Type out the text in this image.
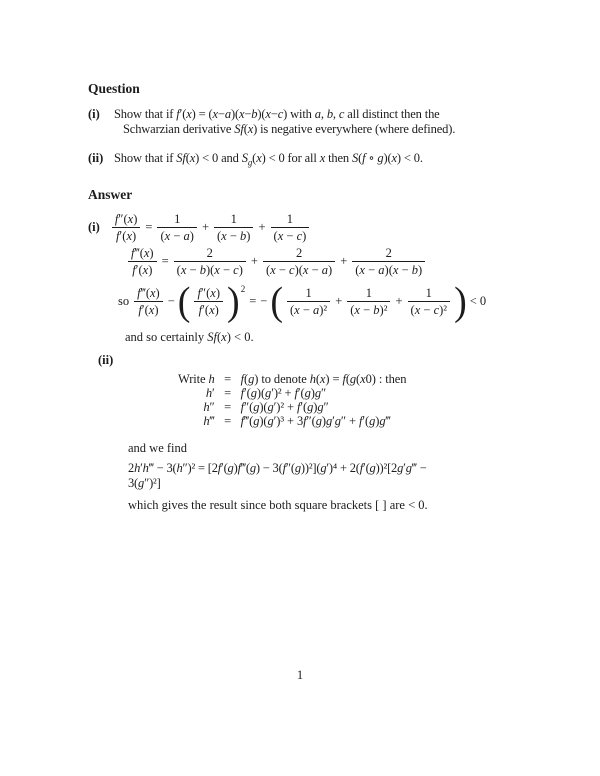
Question
(i)	Show that if f′(x) = (x−a)(x−b)(x−c) with a, b, c all distinct then the
Schwarzian derivative Sf(x) is negative everywhere (where defined).
(ii) Show that if Sf(x) < 0 and $S_g(x) < 0$ for all x then S(f ∘ g)(x) < 0.
Answer
$(i) \frac{f''(x)}{f'(x)} = \frac{1}{(x - a)} + \frac{1}{(x - b)} + \frac{1}{(x - c)}$
$\frac{f‴(x)}{f'(x)} = \frac{2}{(x - b)(x - c)} + \frac{2}{(x - c)(x - a)} + \frac{2}{(x - a)(x - b)}$
so $\frac{f‴(x)}{f'(x)}$ − ( $\frac{f''(x)}{f'(x)}$ ) 2
= − ( $\frac{1}{\text{(x − a)²}} + \frac{1}{\text{(x − b)²}} + \frac{1}{\text{(x − c)²}}$ ) < 0
and so certainly Sf(x) < 0.
(ii)
Write h = f(g) to denote h(x) = f(g(x0) : then
h′ = f′(g)(g′)² + f′(g)g″
h″ = f″(g)(g′)² + f′(g)g″
h‴ = f‴(g)(g′)³ + 3f″(g)g′g″ + f′(g)g‴
and we find
2h′h‴ − 3(h″)² = [2f′(g)f‴(g) − 3(f″(g))²](g′)⁴ + 2(f′(g))²[2g′g‴ −
3(g″)²]
which gives the result since both square brackets [ ] are < 0.
1
